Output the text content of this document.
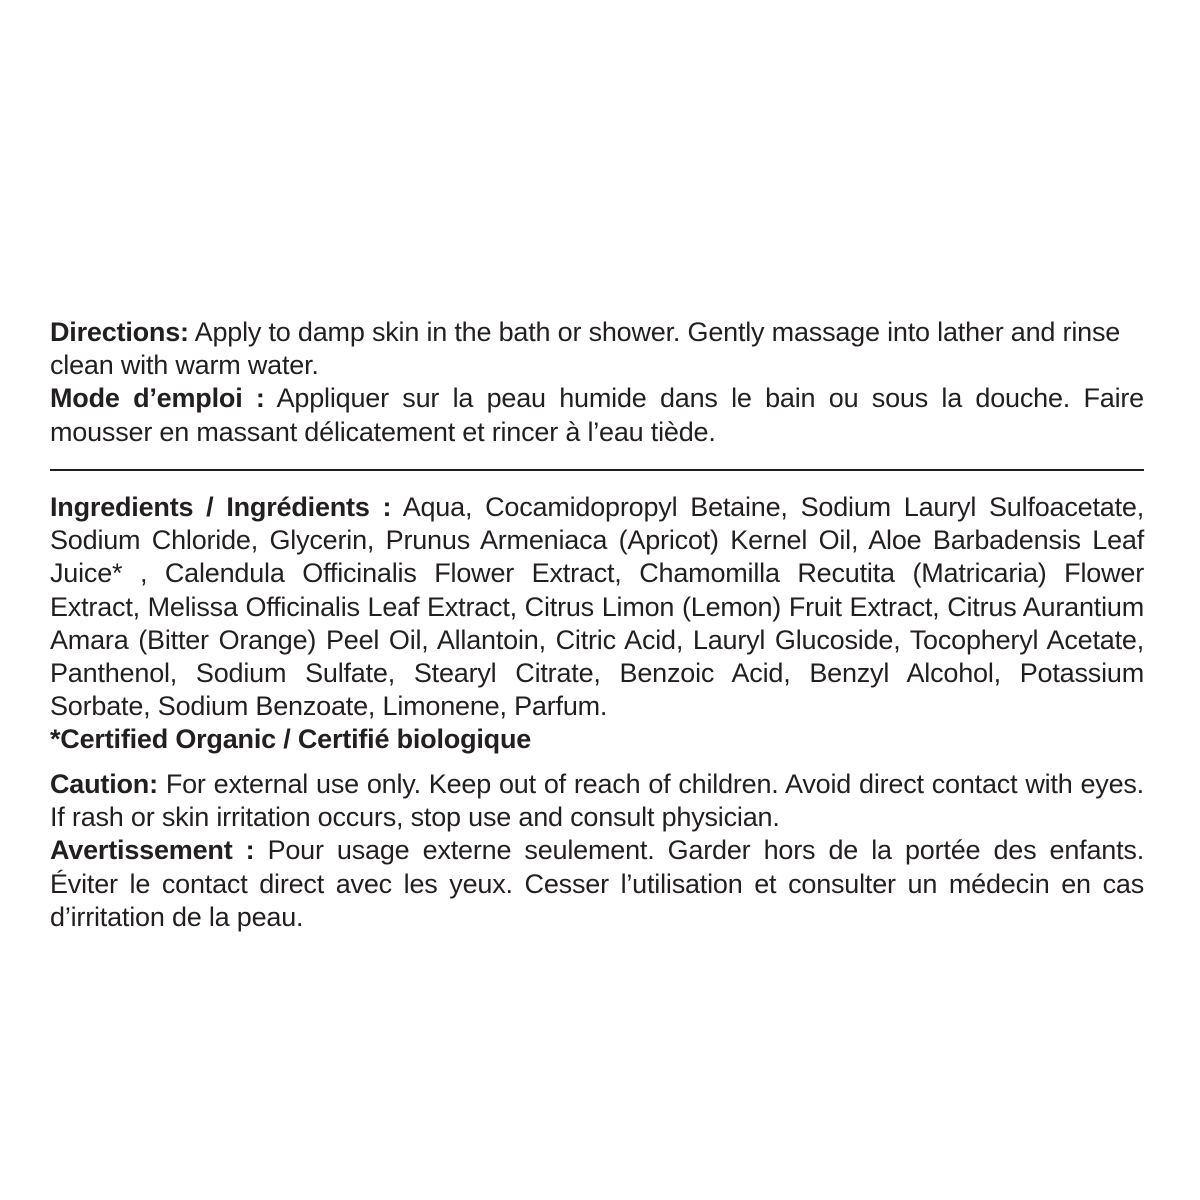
Directions: Apply to damp skin in the bath or shower. Gently massage into lather and rinse clean with warm water.

Mode d’emploi : Appliquer sur la peau humide dans le bain ou sous la douche. Faire mousser en massant délicatement et rincer à l’eau tiède.

Ingredients / Ingrédients : Aqua, Cocamidopropyl Betaine, Sodium Lauryl Sulfoacetate, Sodium Chloride, Glycerin, Prunus Armeniaca (Apricot) Kernel Oil, Aloe Barbadensis Leaf Juice* , Calendula Officinalis Flower Extract, Chamomilla Recutita (Matricaria) Flower Extract, Melissa Officinalis Leaf Extract, Citrus Limon (Lemon) Fruit Extract, Citrus Aurantium Amara (Bitter Orange) Peel Oil, Allantoin, Citric Acid, Lauryl Glucoside, Tocopheryl Acetate, Panthenol, Sodium Sulfate, Stearyl Citrate, Benzoic Acid, Benzyl Alcohol, Potassium Sorbate, Sodium Benzoate, Limonene, Parfum.

*Certified Organic / Certifié biologique

Caution: For external use only. Keep out of reach of children. Avoid direct contact with eyes. If rash or skin irritation occurs, stop use and consult physician.

Avertissement : Pour usage externe seulement. Garder hors de la portée des enfants. Éviter le contact direct avec les yeux. Cesser l’utilisation et consulter un médecin en cas d’irritation de la peau.
